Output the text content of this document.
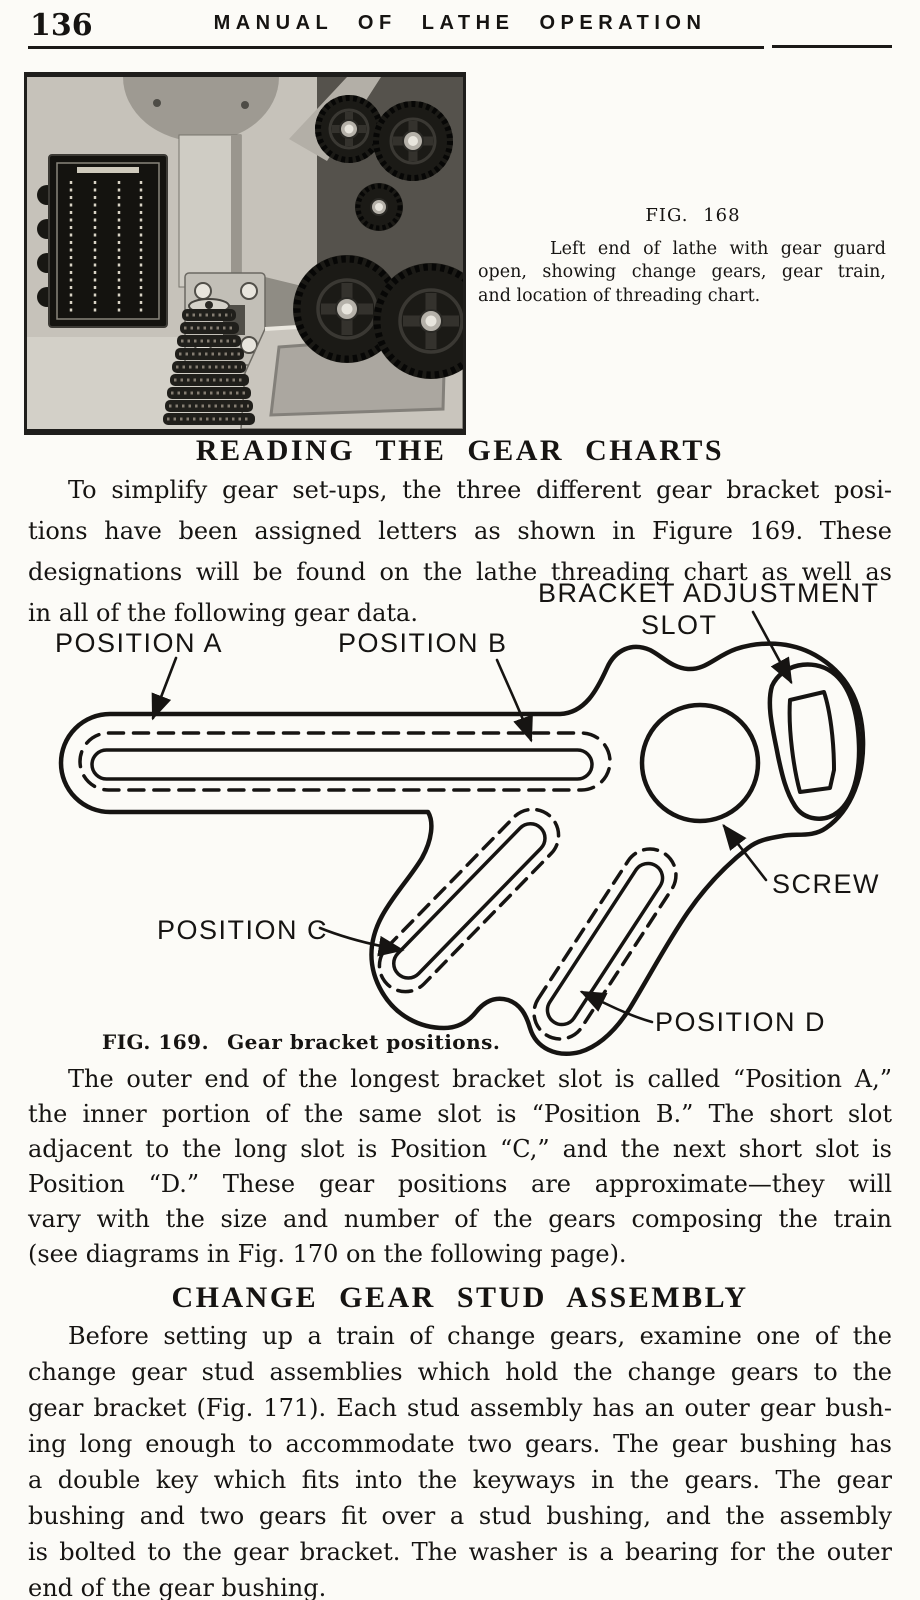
136	MANUAL OF LATHE OPERATION
FIG. 168
Left end of lathe with gear guard
open, showing change gears, gear train,
and location of threading chart.
READING THE GEAR CHARTS
To simplify gear set-ups, the three different gear bracket posi-
tions have been assigned letters as shown in Figure 169. These
designations will be found on the lathe threading chart as well as
in all of the following gear data.
POSITION A	POSITION B
BRACKET ADJUSTMENT
SLOT
SCREW
POSITION C
POSITION D
FIG. 169. Gear bracket positions.
The outer end of the longest bracket slot is called “Position A,”
the inner portion of the same slot is “Position B.” The short slot
adjacent to the long slot is Position “C,” and the next short slot is
Position “D.” These gear positions are approximate—they will
vary with the size and number of the gears composing the train
(see diagrams in Fig. 170 on the following page).
CHANGE GEAR STUD ASSEMBLY
Before setting up a train of change gears, examine one of the
change gear stud assemblies which hold the change gears to the
gear bracket (Fig. 171). Each stud assembly has an outer gear bush-
ing long enough to accommodate two gears. The gear bushing has
a double key which fits into the keyways in the gears. The gear
bushing and two gears fit over a stud bushing, and the assembly
is bolted to the gear bracket. The washer is a bearing for the outer
end of the gear bushing.
